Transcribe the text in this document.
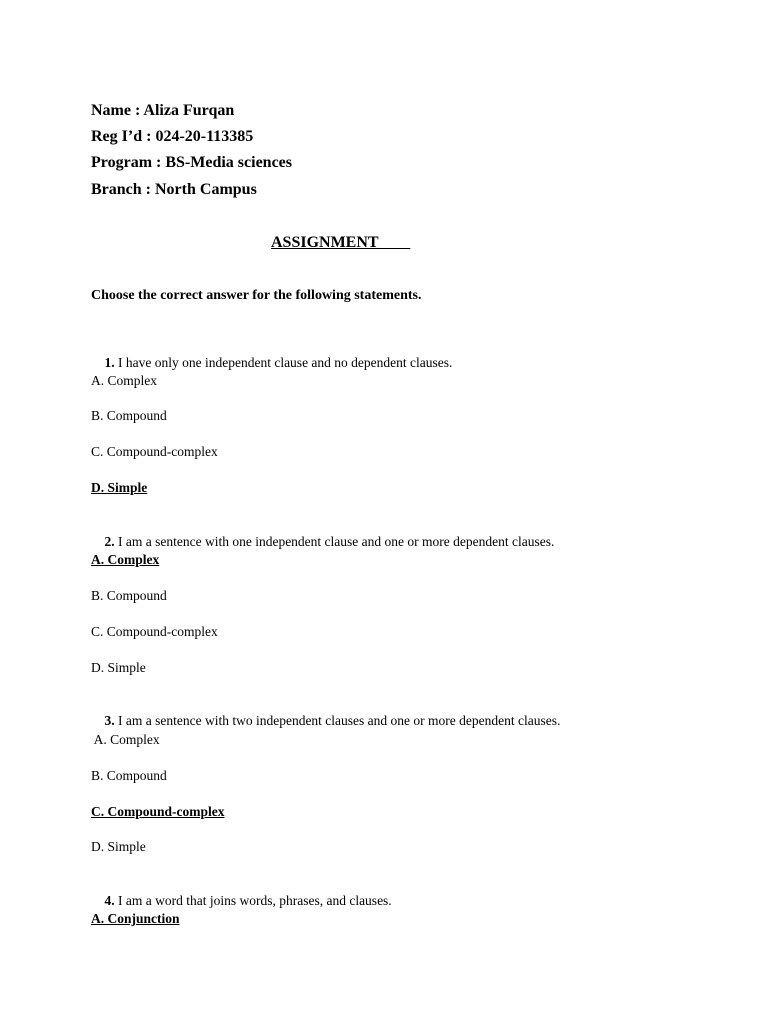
Name : Aliza Furqan
Reg I’d : 024-20-113385
Program : BS-Media sciences
Branch : North Campus
ASSIGNMENT
Choose the correct answer for the following statements.

1. I have only one independent clause and no dependent clauses.

A. Complex
B. Compound
C. Compound-complex
D. Simple

2. I am a sentence with one independent clause and one or more dependent clauses.

A. Complex
B. Compound
C. Compound-complex
D. Simple

3. I am a sentence with two independent clauses and one or more dependent clauses.

A. Complex
B. Compound
C. Compound-complex
D. Simple

4. I am a word that joins words, phrases, and clauses.

A. Conjunction
